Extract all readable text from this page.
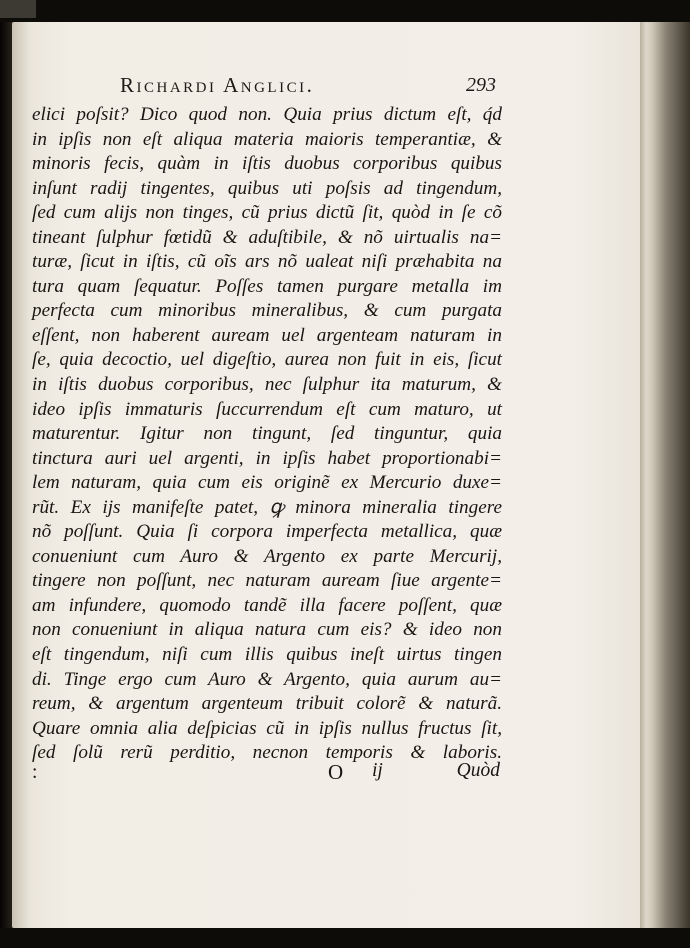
Richardi Anglici.	293
elici poſsit? Dico quod non. Quia prius dictum eſt, q́d
in ipſis non eſt aliqua materia maioris temperantiæ, &
minoris fecis, quàm in iſtis duobus corporibus quibus
inſunt radij tingentes, quibus uti poſsis ad tingendum,
ſed cum alijs non tinges, cũ prius dictũ ſit, quòd in ſe cõ
tineant ſulphur fœtidũ & aduſtibile, & nõ uirtualis na=
turæ, ſicut in iſtis, cũ oĩs ars nõ ualeat niſi præhabita na
tura quam ſequatur. Poſſes tamen purgare metalla im
perfecta cum minoribus mineralibus, & cum purgata
eſſent, non haberent auream uel argenteam naturam in
ſe, quia decoctio, uel digeſtio, aurea non fuit in eis, ſicut
in iſtis duobus corporibus, nec ſulphur ita maturum, &
ideo ipſis immaturis ſuccurrendum eſt cum maturo, ut
maturentur. Igitur non tingunt, ſed tinguntur, quia
tinctura auri uel argenti, in ipſis habet proportionabi=
lem naturam, quia cum eis originẽ ex Mercurio duxe=
rũt. Ex ijs manifeſte patet, ꝙ minora mineralia tingere
nõ poſſunt. Quia ſi corpora imperfecta metallica, quæ
conueniunt cum Auro & Argento ex parte Mercurij,
tingere non poſſunt, nec naturam auream ſiue argente=
am infundere, quomodo tandẽ illa facere poſſent, quæ
non conueniunt in aliqua natura cum eis? & ideo non
eſt tingendum, niſi cum illis quibus ineſt uirtus tingen
di. Tinge ergo cum Auro & Argento, quia aurum au=
reum, & argentum argenteum tribuit colorẽ & naturã.
Quare omnia alia deſpicias cũ in ipſis nullus fructus ſit,
ſed ſolũ rerũ perditio, necnon temporis & laboris.
:	O ij	Quòd
